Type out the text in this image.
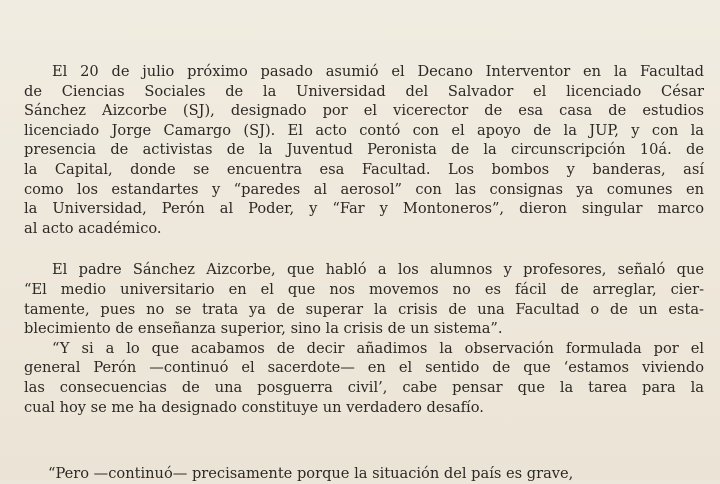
El 20 de julio próximo pasado asumió el Decano Interventor en la Facultad
de Ciencias Sociales de la Universidad del Salvador el licenciado César
Sánchez Aizcorbe (SJ), designado por el vicerector de esa casa de estudios
licenciado Jorge Camargo (SJ). El acto contó con el apoyo de la JUP, y con la
presencia de activistas de la Juventud Peronista de la circunscripción 10á. de
la Capital, donde se encuentra esa Facultad. Los bombos y banderas, así
como los estandartes y “paredes al aerosol” con las consignas ya comunes en
la Universidad, Perón al Poder, y “Far y Montoneros”, dieron singular marco
al acto académico.

El padre Sánchez Aizcorbe, que habló a los alumnos y profesores, señaló que
“El medio universitario en el que nos movemos no es fácil de arreglar, cier-
tamente, pues no se trata ya de superar la crisis de una Facultad o de un esta-
blecimiento de enseñanza superior, sino la crisis de un sistema”.

“Y si a lo que acabamos de decir añadimos la observación formulada por el
general Perón —continuó el sacerdote— en el sentido de que ‘estamos viviendo
las consecuencias de una posguerra civil’, cabe pensar que la tarea para la
cual hoy se me ha designado constituye un verdadero desafío.

“Pero —continuó— precisamente porque la situación del país es grave,
